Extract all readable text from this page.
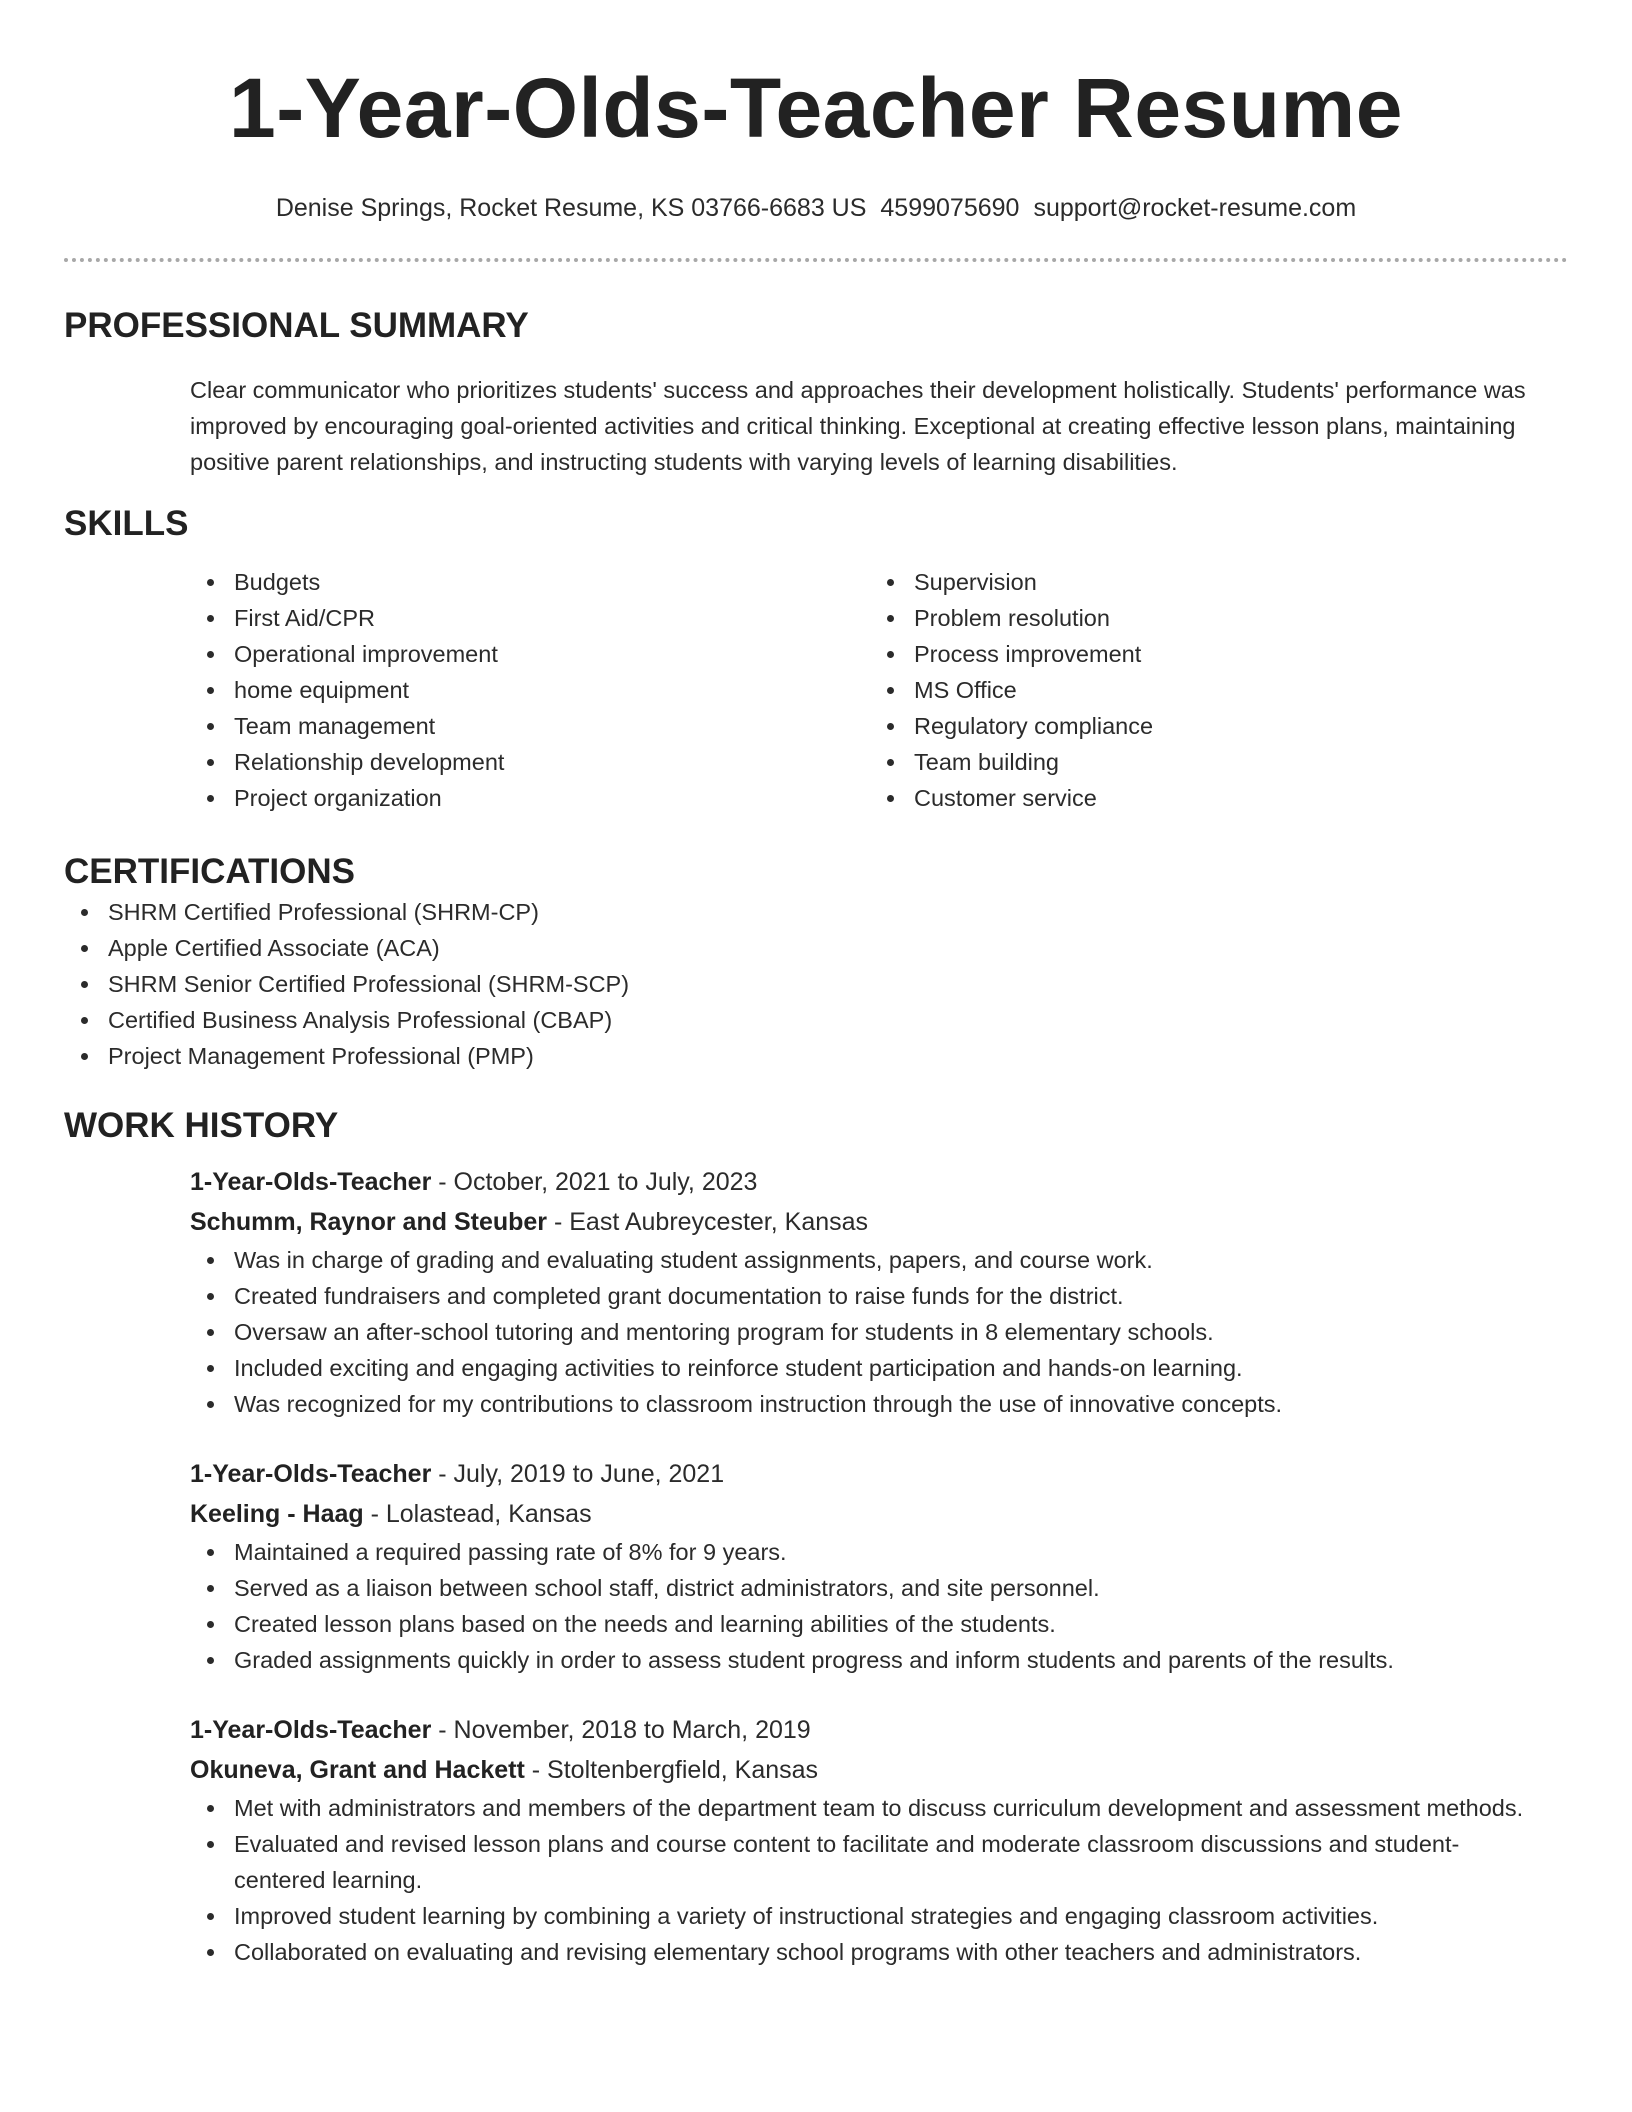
1-Year-Olds-Teacher Resume
Denise Springs, Rocket Resume, KS 03766-6683 US 4599075690 support@rocket-resume.com
PROFESSIONAL SUMMARY
Clear communicator who prioritizes students' success and approaches their development holistically. Students' performance was improved by encouraging goal-oriented activities and critical thinking. Exceptional at creating effective lesson plans, maintaining positive parent relationships, and instructing students with varying levels of learning disabilities.
SKILLS
Budgets
First Aid/CPR
Operational improvement
home equipment
Team management
Relationship development
Project organization
Supervision
Problem resolution
Process improvement
MS Office
Regulatory compliance
Team building
Customer service
CERTIFICATIONS
SHRM Certified Professional (SHRM-CP)
Apple Certified Associate (ACA)
SHRM Senior Certified Professional (SHRM-SCP)
Certified Business Analysis Professional (CBAP)
Project Management Professional (PMP)
WORK HISTORY
1-Year-Olds-Teacher - October, 2021 to July, 2023
Schumm, Raynor and Steuber - East Aubreycester, Kansas
Was in charge of grading and evaluating student assignments, papers, and course work.
Created fundraisers and completed grant documentation to raise funds for the district.
Oversaw an after-school tutoring and mentoring program for students in 8 elementary schools.
Included exciting and engaging activities to reinforce student participation and hands-on learning.
Was recognized for my contributions to classroom instruction through the use of innovative concepts.
1-Year-Olds-Teacher - July, 2019 to June, 2021
Keeling - Haag - Lolastead, Kansas
Maintained a required passing rate of 8% for 9 years.
Served as a liaison between school staff, district administrators, and site personnel.
Created lesson plans based on the needs and learning abilities of the students.
Graded assignments quickly in order to assess student progress and inform students and parents of the results.
1-Year-Olds-Teacher - November, 2018 to March, 2019
Okuneva, Grant and Hackett - Stoltenbergfield, Kansas
Met with administrators and members of the department team to discuss curriculum development and assessment methods.
Evaluated and revised lesson plans and course content to facilitate and moderate classroom discussions and student-centered learning.
Improved student learning by combining a variety of instructional strategies and engaging classroom activities.
Collaborated on evaluating and revising elementary school programs with other teachers and administrators.
